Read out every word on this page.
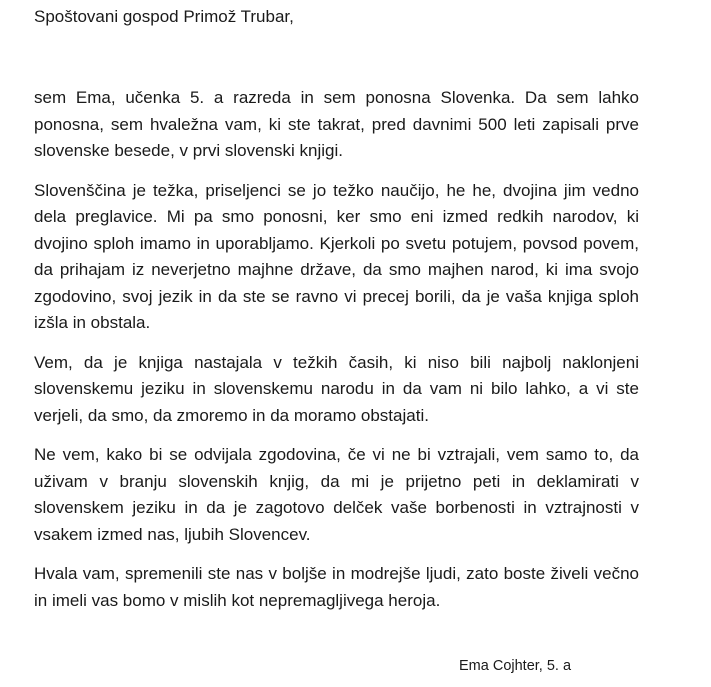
Spoštovani gospod Primož Trubar,

sem Ema, učenka 5. a razreda in sem ponosna Slovenka. Da sem lahko ponosna, sem hvaležna vam, ki ste takrat, pred davnimi 500 leti zapisali prve slovenske besede, v prvi slovenski knjigi.

Slovenščina je težka, priseljenci se jo težko naučijo, he he, dvojina jim vedno dela preglavice. Mi pa smo ponosni, ker smo eni izmed redkih narodov, ki dvojino sploh imamo in uporabljamo. Kjerkoli po svetu potujem, povsod povem, da prihajam iz neverjetno majhne države, da smo majhen narod, ki ima svojo zgodovino, svoj jezik in da ste se ravno vi precej borili, da je vaša knjiga sploh izšla in obstala.

Vem, da je knjiga nastajala v težkih časih, ki niso bili najbolj naklonjeni slovenskemu jeziku in slovenskemu narodu in da vam ni bilo lahko, a vi ste verjeli, da smo, da zmoremo in da moramo obstajati.

Ne vem, kako bi se odvijala zgodovina, če vi ne bi vztrajali, vem samo to, da uživam v branju slovenskih knjig, da mi je prijetno peti in deklamirati v slovenskem jeziku in da je zagotovo delček vaše borbenosti in vztrajnosti v vsakem izmed nas, ljubih Slovencev.

Hvala vam, spremenili ste nas v boljše in modrejše ljudi, zato boste živeli večno in imeli vas bomo v mislih kot nepremagljivega heroja.

Ema Cojhter, 5. a
